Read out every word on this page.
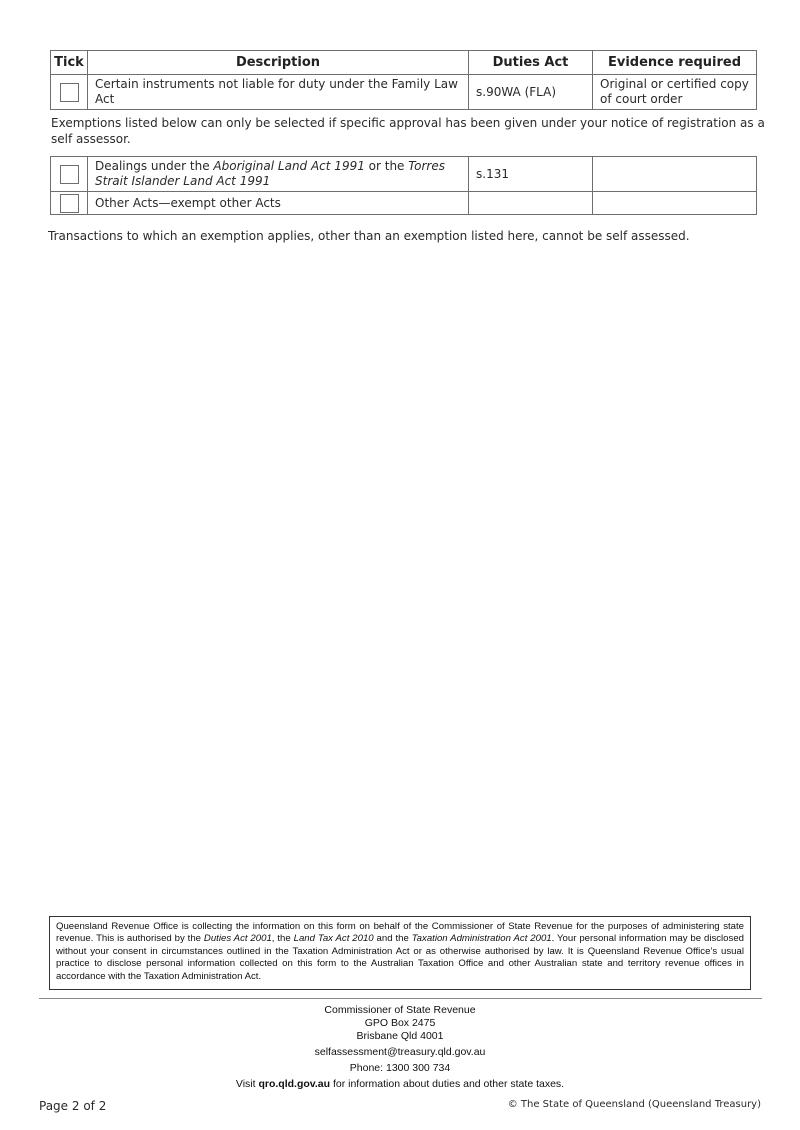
Tick	Description	Duties Act	Evidence required
	Certain instruments not liable for duty under the Family Law Act	s.90WA (FLA)	Original or certified copy
of court order
Exemptions listed below can only be selected if specific approval has been given under your notice of registration as a self assessor.
	Dealings under the Aboriginal Land Act 1991 or the Torres Strait Islander Land Act 1991	s.131	
	Other Acts—exempt other Acts		
Transactions to which an exemption applies, other than an exemption listed here, cannot be self assessed.
Queensland Revenue Office is collecting the information on this form on behalf of the Commissioner of State Revenue for the purposes of administering state revenue. This is authorised by the Duties Act 2001, the Land Tax Act 2010 and the Taxation Administration Act 2001. Your personal information may be disclosed without your consent in circumstances outlined in the Taxation Administration Act or as otherwise authorised by law. It is Queensland Revenue Office’s usual practice to disclose personal information collected on this form to the Australian Taxation Office and other Australian state and territory revenue offices in accordance with the Taxation Administration Act.
Commissioner of State Revenue
GPO Box 2475
Brisbane Qld 4001
selfassessment@treasury.qld.gov.au
Phone: 1300 300 734
Visit qro.qld.gov.au for information about duties and other state taxes.
Page 2 of 2	© The State of Queensland (Queensland Treasury)
